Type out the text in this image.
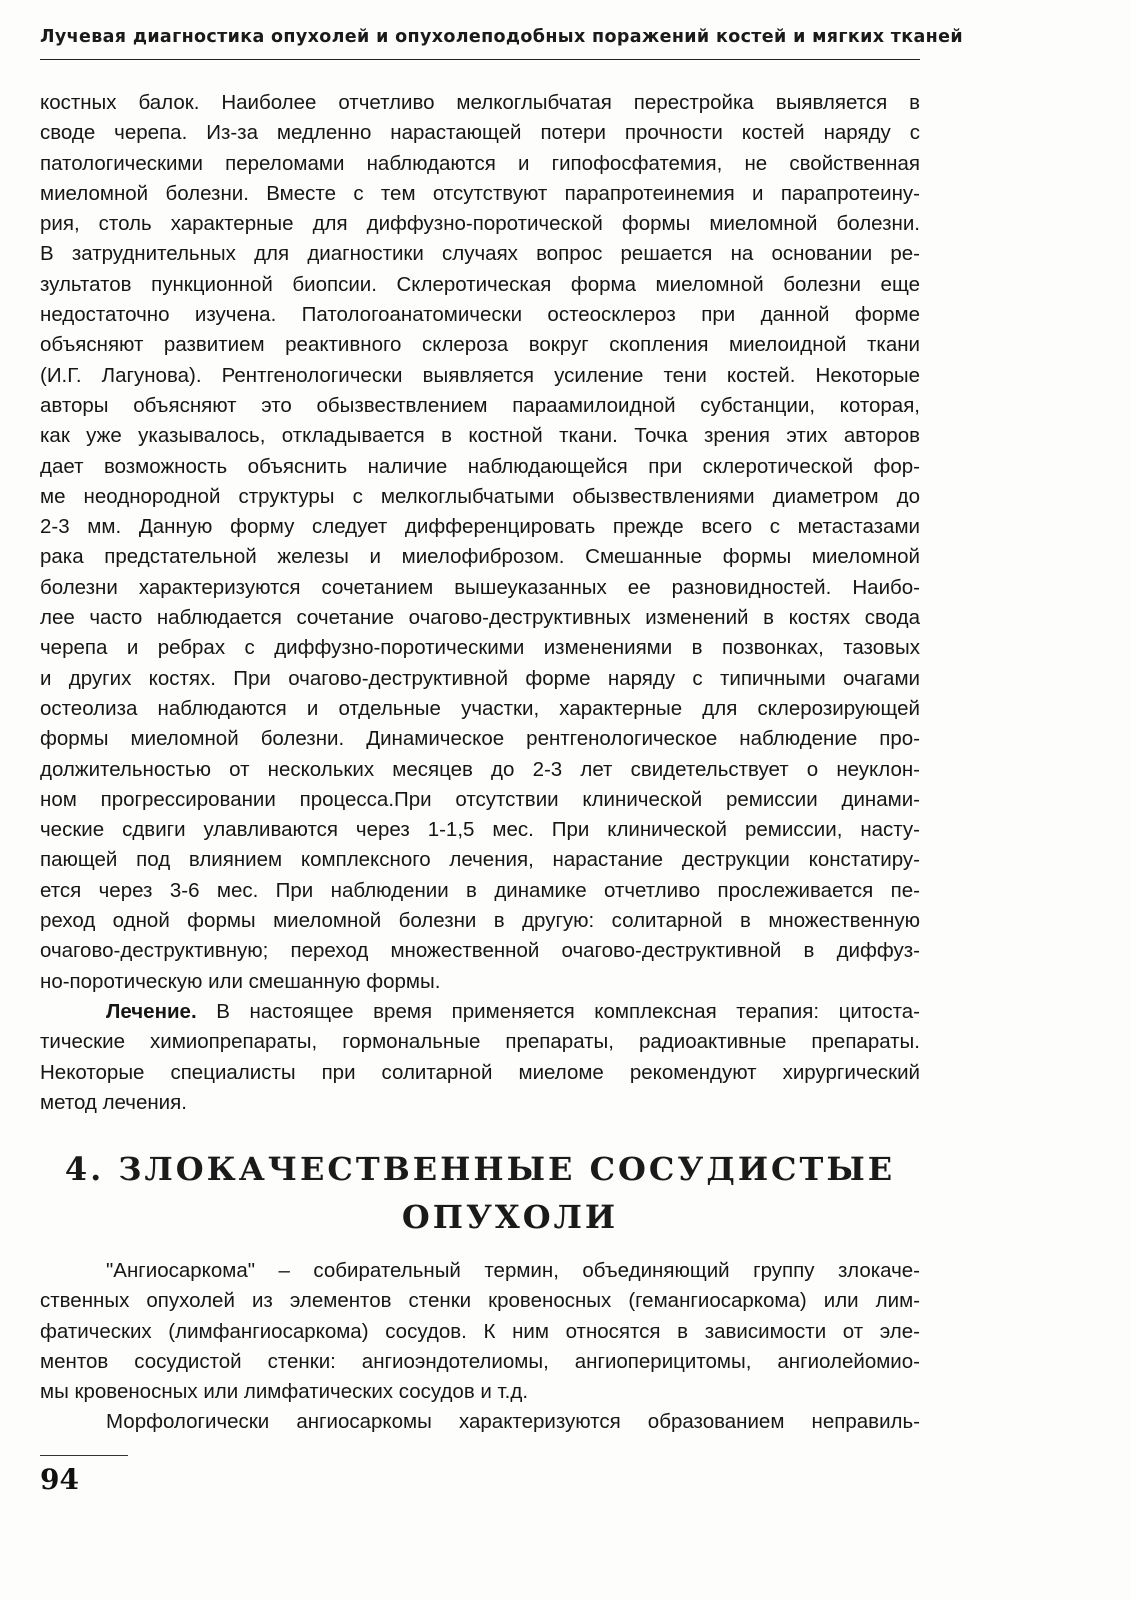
Лучевая диагностика опухолей и опухолеподобных поражений костей и мягких тканей
костных балок. Наиболее отчетливо мелкоглыбчатая перестройка выявляется в
своде черепа. Из-за медленно нарастающей потери прочности костей наряду с
патологическими переломами наблюдаются и гипофосфатемия, не свойственная
миеломной болезни. Вместе с тем отсутствуют парапротеинемия и парапротеину-
рия, столь характерные для диффузно-поротической формы миеломной болезни.
В затруднительных для диагностики случаях вопрос решается на основании ре-
зультатов пункционной биопсии. Склеротическая форма миеломной болезни еще
недостаточно изучена. Патологоанатомически остеосклероз при данной форме
объясняют развитием реактивного склероза вокруг скопления миелоидной ткани
(И.Г. Лагунова). Рентгенологически выявляется усиление тени костей. Некоторые
авторы объясняют это обызвествлением параамилоидной субстанции, которая,
как уже указывалось, откладывается в костной ткани. Точка зрения этих авторов
дает возможность объяснить наличие наблюдающейся при склеротической фор-
ме неоднородной структуры с мелкоглыбчатыми обызвествлениями диаметром до
2-3 мм. Данную форму следует дифференцировать прежде всего с метастазами
рака предстательной железы и миелофиброзом. Смешанные формы миеломной
болезни характеризуются сочетанием вышеуказанных ее разновидностей. Наибо-
лее часто наблюдается сочетание очагово-деструктивных изменений в костях свода
черепа и ребрах с диффузно-поротическими изменениями в позвонках, тазовых
и других костях. При очагово-деструктивной форме наряду с типичными очагами
остеолиза наблюдаются и отдельные участки, характерные для склерозирующей
формы миеломной болезни. Динамическое рентгенологическое наблюдение про-
должительностью от нескольких месяцев до 2-3 лет свидетельствует о неуклон-
ном прогрессировании процесса.При отсутствии клинической ремиссии динами-
ческие сдвиги улавливаются через 1-1,5 мес. При клинической ремиссии, насту-
пающей под влиянием комплексного лечения, нарастание деструкции констатиру-
ется через 3-6 мес. При наблюдении в динамике отчетливо прослеживается пе-
реход одной формы миеломной болезни в другую: солитарной в множественную
очагово-деструктивную; переход множественной очагово-деструктивной в диффуз-
но-поротическую или смешанную формы.
Лечение. В настоящее время применяется комплексная терапия: цитоста-
тические химиопрепараты, гормональные препараты, радиоактивные препараты.
Некоторые специалисты при солитарной миеломе рекомендуют хирургический
метод лечения.
4. ЗЛОКАЧЕСТВЕННЫЕ СОСУДИСТЫЕ
ОПУХОЛИ
"Ангиосаркома" – собирательный термин, объединяющий группу злокаче-
ственных опухолей из элементов стенки кровеносных (гемангиосаркома) или лим-
фатических (лимфангиосаркома) сосудов. К ним относятся в зависимости от эле-
ментов сосудистой стенки: ангиоэндотелиомы, ангиоперицитомы, ангиолейомио-
мы кровеносных или лимфатических сосудов и т.д.
Морфологически ангиосаркомы характеризуются образованием неправиль-
94
